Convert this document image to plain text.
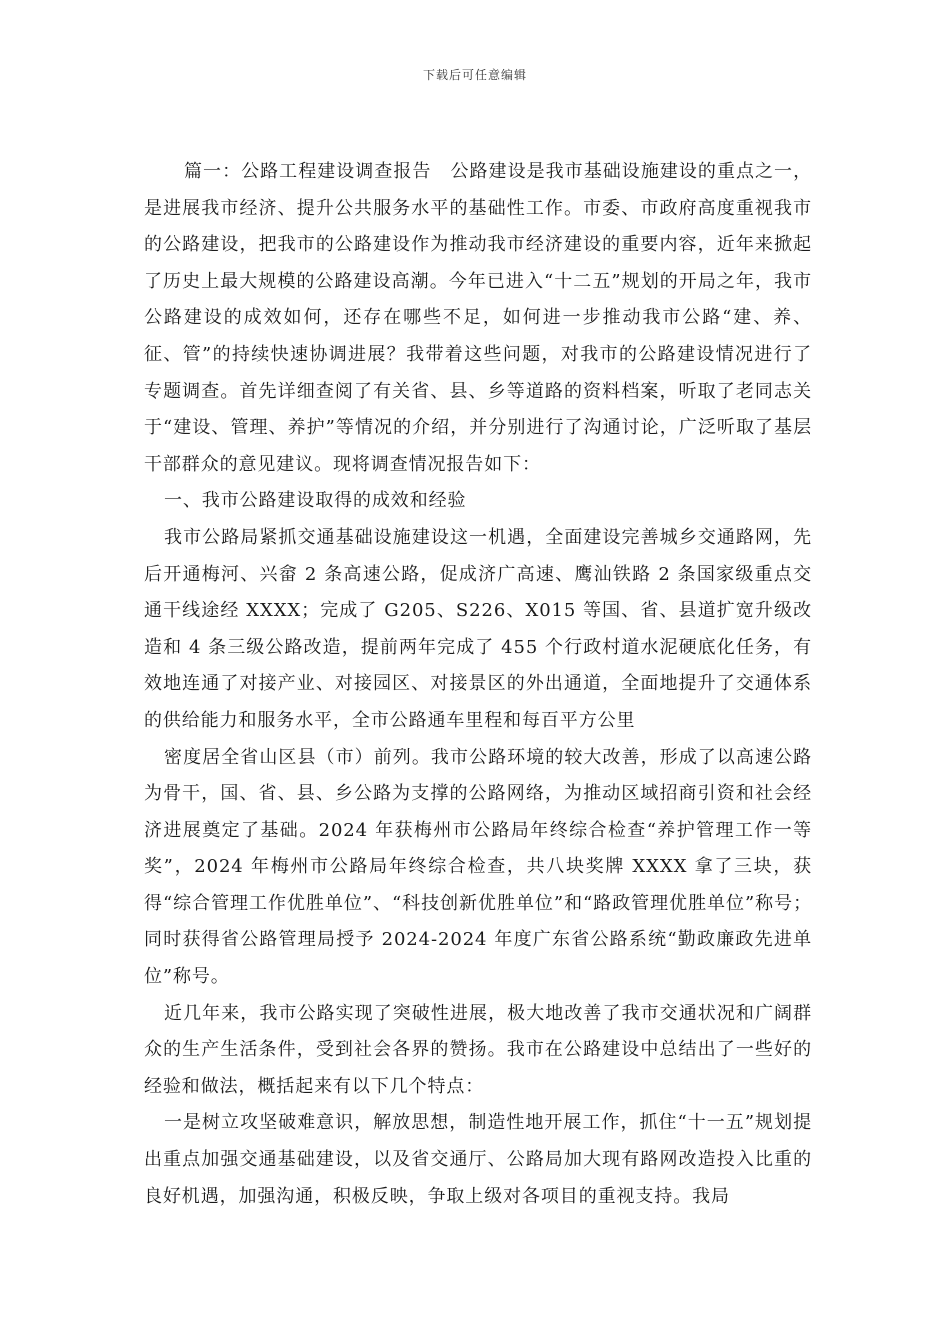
下载后可任意编辑

篇一：公路工程建设调查报告　公路建设是我市基础设施建设的重点之一，是进展我市经济、提升公共服务水平的基础性工作。市委、市政府高度重视我市的公路建设，把我市的公路建设作为推动我市经济建设的重要内容，近年来掀起了历史上最大规模的公路建设高潮。今年已进入“十二五”规划的开局之年，我市公路建设的成效如何，还存在哪些不足，如何进一步推动我市公路“建、养、征、管”的持续快速协调进展？我带着这些问题，对我市的公路建设情况进行了专题调查。首先详细查阅了有关省、县、乡等道路的资料档案，听取了老同志关于“建设、管理、养护”等情况的介绍，并分别进行了沟通讨论，广泛听取了基层干部群众的意见建议。现将调查情况报告如下：

一、我市公路建设取得的成效和经验

我市公路局紧抓交通基础设施建设这一机遇，全面建设完善城乡交通路网，先后开通梅河、兴畲 2 条高速公路，促成济广高速、鹰汕铁路 2 条国家级重点交通干线途经 XXXX；完成了 G205、S226、X015 等国、省、县道扩宽升级改造和 4 条三级公路改造，提前两年完成了 455 个行政村道水泥硬底化任务，有效地连通了对接产业、对接园区、对接景区的外出通道，全面地提升了交通体系的供给能力和服务水平，全市公路通车里程和每百平方公里

密度居全省山区县（市）前列。我市公路环境的较大改善，形成了以高速公路为骨干，国、省、县、乡公路为支撑的公路网络，为推动区域招商引资和社会经济进展奠定了基础。2024 年获梅州市公路局年终综合检查“养护管理工作一等奖”，2024 年梅州市公路局年终综合检查，共八块奖牌 XXXX 拿了三块，获得“综合管理工作优胜单位”、“科技创新优胜单位”和“路政管理优胜单位”称号；同时获得省公路管理局授予 2024-2024 年度广东省公路系统“勤政廉政先进单位”称号。

近几年来，我市公路实现了突破性进展，极大地改善了我市交通状况和广阔群众的生产生活条件，受到社会各界的赞扬。我市在公路建设中总结出了一些好的经验和做法，概括起来有以下几个特点：

一是树立攻坚破难意识，解放思想，制造性地开展工作，抓住“十一五”规划提出重点加强交通基础建设，以及省交通厅、公路局加大现有路网改造投入比重的良好机遇，加强沟通，积极反映，争取上级对各项目的重视支持。我局
